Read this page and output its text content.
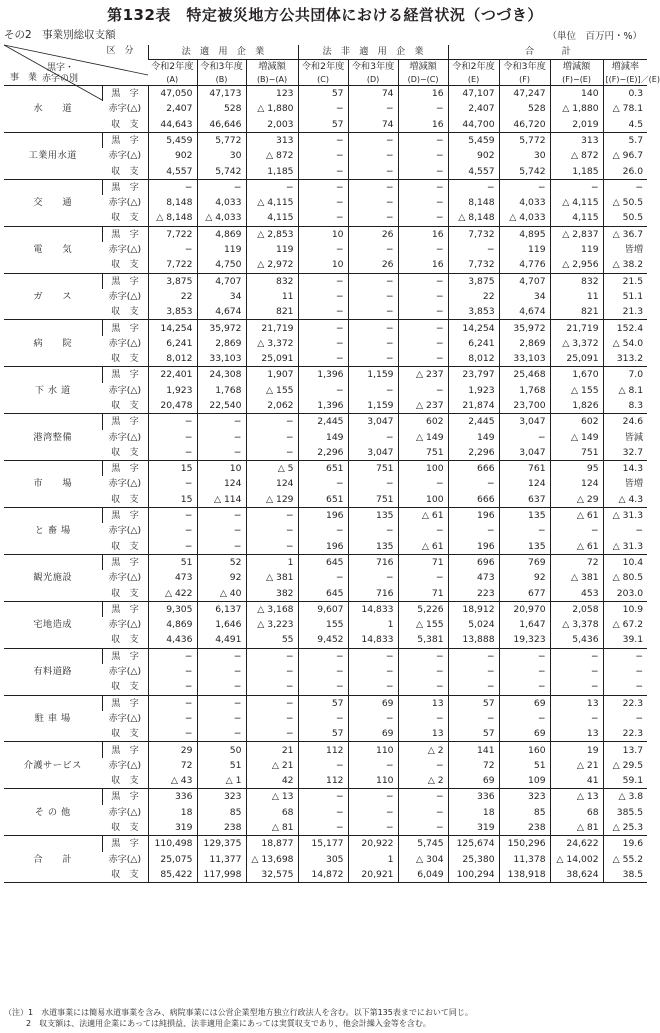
第132表　特定被災地方公共団体における経営状況（つづき）
その2　事業別総収支額	（単位　百万円・%）
区　分
黒字・
赤字の別
事　業		法　適　用　企　業			法　非　適　用　企　業			合　　　計			
		令和2年度	令和3年度	増減額	令和2年度	令和3年度	増減額	令和2年度	令和3年度	増減額	増減率
		(A)	(B)	(B)−(A)	(C)	(D)	(D)−(C)	(E)	(F)	(F)−(E)	[(F)−(E)]／(E)
水　　道	黒　字	47,050	47,173	123	57	74	16	47,107	47,247	140	0.3
	赤字(△)	2,407	528	△ 1,880	−	−	−	2,407	528	△ 1,880	△ 78.1
	収　支	44,643	46,646	2,003	57	74	16	44,700	46,720	2,019	4.5
工業用水道	黒　字	5,459	5,772	313	−	−	−	5,459	5,772	313	5.7
	赤字(△)	902	30	△ 872	−	−	−	902	30	△ 872	△ 96.7
	収　支	4,557	5,742	1,185	−	−	−	4,557	5,742	1,185	26.0
交　　通	黒　字	−	−	−	−	−	−	−	−	−	−
	赤字(△)	8,148	4,033	△ 4,115	−	−	−	8,148	4,033	△ 4,115	△ 50.5
	収　支	△ 8,148	△ 4,033	4,115	−	−	−	△ 8,148	△ 4,033	4,115	50.5
電　　気	黒　字	7,722	4,869	△ 2,853	10	26	16	7,732	4,895	△ 2,837	△ 36.7
	赤字(△)	−	119	119	−	−	−	−	119	119	皆増
	収　支	7,722	4,750	△ 2,972	10	26	16	7,732	4,776	△ 2,956	△ 38.2
ガ　　ス	黒　字	3,875	4,707	832	−	−	−	3,875	4,707	832	21.5
	赤字(△)	22	34	11	−	−	−	22	34	11	51.1
	収　支	3,853	4,674	821	−	−	−	3,853	4,674	821	21.3
病　　院	黒　字	14,254	35,972	21,719	−	−	−	14,254	35,972	21,719	152.4
	赤字(△)	6,241	2,869	△ 3,372	−	−	−	6,241	2,869	△ 3,372	△ 54.0
	収　支	8,012	33,103	25,091	−	−	−	8,012	33,103	25,091	313.2
下 水 道	黒　字	22,401	24,308	1,907	1,396	1,159	△ 237	23,797	25,468	1,670	7.0
	赤字(△)	1,923	1,768	△ 155	−	−	−	1,923	1,768	△ 155	△ 8.1
	収　支	20,478	22,540	2,062	1,396	1,159	△ 237	21,874	23,700	1,826	8.3
港湾整備	黒　字	−	−	−	2,445	3,047	602	2,445	3,047	602	24.6
	赤字(△)	−	−	−	149	−	△ 149	149	−	△ 149	皆減
	収　支	−	−	−	2,296	3,047	751	2,296	3,047	751	32.7
市　　場	黒　字	15	10	△ 5	651	751	100	666	761	95	14.3
	赤字(△)	−	124	124	−	−	−	−	124	124	皆増
	収　支	15	△ 114	△ 129	651	751	100	666	637	△ 29	△ 4.3
と 畜 場	黒　字	−	−	−	196	135	△ 61	196	135	△ 61	△ 31.3
	赤字(△)	−	−	−	−	−	−	−	−	−	−
	収　支	−	−	−	196	135	△ 61	196	135	△ 61	△ 31.3
観光施設	黒　字	51	52	1	645	716	71	696	769	72	10.4
	赤字(△)	473	92	△ 381	−	−	−	473	92	△ 381	△ 80.5
	収　支	△ 422	△ 40	382	645	716	71	223	677	453	203.0
宅地造成	黒　字	9,305	6,137	△ 3,168	9,607	14,833	5,226	18,912	20,970	2,058	10.9
	赤字(△)	4,869	1,646	△ 3,223	155	1	△ 155	5,024	1,647	△ 3,378	△ 67.2
	収　支	4,436	4,491	55	9,452	14,833	5,381	13,888	19,323	5,436	39.1
有料道路	黒　字	−	−	−	−	−	−	−	−	−	−
	赤字(△)	−	−	−	−	−	−	−	−	−	−
	収　支	−	−	−	−	−	−	−	−	−	−
駐 車 場	黒　字	−	−	−	57	69	13	57	69	13	22.3
	赤字(△)	−	−	−	−	−	−	−	−	−	−
	収　支	−	−	−	57	69	13	57	69	13	22.3
介護サービス	黒　字	29	50	21	112	110	△ 2	141	160	19	13.7
	赤字(△)	72	51	△ 21	−	−	−	72	51	△ 21	△ 29.5
	収　支	△ 43	△ 1	42	112	110	△ 2	69	109	41	59.1
そ の 他	黒　字	336	323	△ 13	−	−	−	336	323	△ 13	△ 3.8
	赤字(△)	18	85	68	−	−	−	18	85	68	385.5
	収　支	319	238	△ 81	−	−	−	319	238	△ 81	△ 25.3
合　　計	黒　字	110,498	129,375	18,877	15,177	20,922	5,745	125,674	150,296	24,622	19.6
	赤字(△)	25,075	11,377	△ 13,698	305	1	△ 304	25,380	11,378	△ 14,002	△ 55.2
	収　支	85,422	117,998	32,575	14,872	20,921	6,049	100,294	138,918	38,624	38.5
（注）1　水道事業には簡易水道事業を含み、病院事業には公営企業型地方独立行政法人を含む。以下第135表までにおいて同じ。
2　収支額は、法適用企業にあっては純損益、法非適用企業にあっては実質収支であり、他会計繰入金等を含む。
